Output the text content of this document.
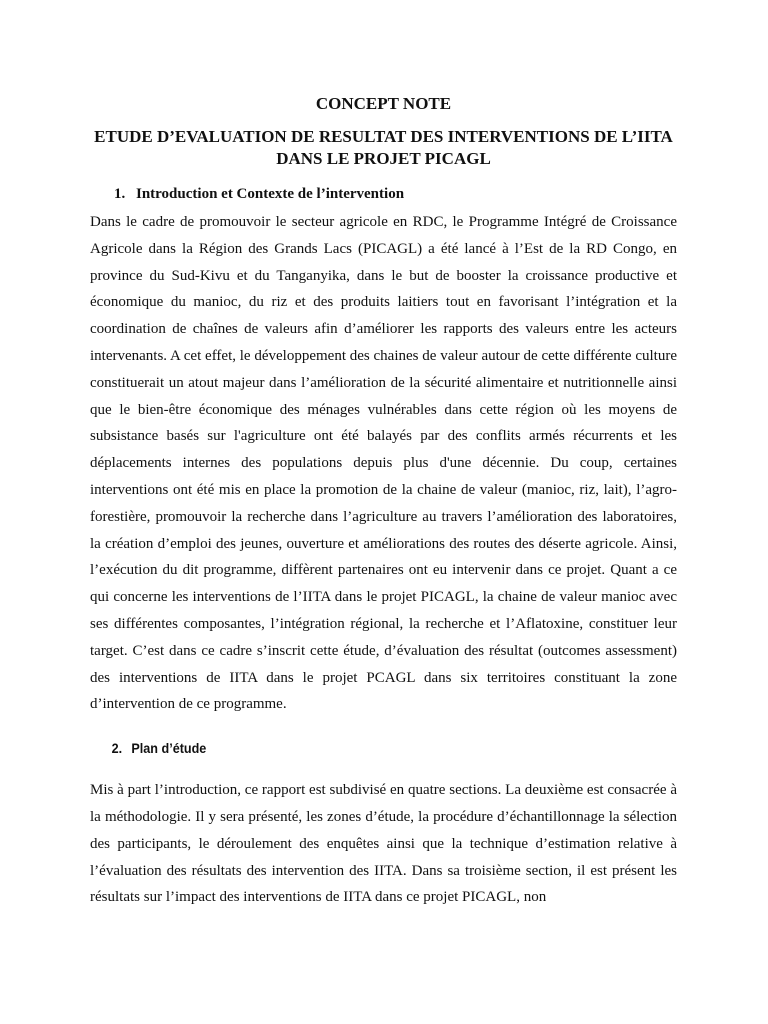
CONCEPT NOTE
ETUDE D’EVALUATION DE RESULTAT DES INTERVENTIONS DE L’IITA DANS LE PROJET PICAGL
1. Introduction et Contexte de l’intervention

Dans le cadre de promouvoir le secteur agricole en RDC, le Programme Intégré de Croissance Agricole dans la Région des Grands Lacs (PICAGL) a été lancé à l’Est de la RD Congo, en province du Sud-Kivu et du Tanganyika, dans le but de booster la croissance productive et économique du manioc, du riz et des produits laitiers tout en favorisant l’intégration et la coordination de chaînes de valeurs afin d’améliorer les rapports des valeurs entre les acteurs intervenants. A cet effet, le développement des chaines de valeur autour de cette différente culture constituerait un atout majeur dans l’amélioration de la sécurité alimentaire et nutritionnelle ainsi que le bien-être économique des ménages vulnérables dans cette région où les moyens de subsistance basés sur l'agriculture ont été balayés par des conflits armés récurrents et les déplacements internes des populations depuis plus d'une décennie. Du coup, certaines interventions ont été mis en place la promotion de la chaine de valeur (manioc, riz, lait), l’agro-forestière, promouvoir la recherche dans l’agriculture au travers l’amélioration des laboratoires, la création d’emploi des jeunes, ouverture et améliorations des routes des déserte agricole. Ainsi, l’exécution du dit programme, diffèrent partenaires ont eu intervenir dans ce projet. Quant a ce qui concerne les interventions de l’IITA dans le projet PICAGL, la chaine de valeur manioc avec ses différentes composantes, l’intégration régional, la recherche et l’Aflatoxine, constituer leur target. C’est dans ce cadre s’inscrit cette étude, d’évaluation des résultat (outcomes assessment) des interventions de IITA dans le projet PCAGL dans six territoires constituant la zone d’intervention de ce programme.

2. Plan d’étude

Mis à part l’introduction, ce rapport est subdivisé en quatre sections. La deuxième est consacrée à la méthodologie. Il y sera présenté, les zones d’étude, la procédure d’échantillonnage la sélection des participants, le déroulement des enquêtes ainsi que la technique d’estimation relative à l’évaluation des résultats des intervention des IITA. Dans sa troisième section, il est présent les résultats sur l’impact des interventions de IITA dans ce projet PICAGL, non
